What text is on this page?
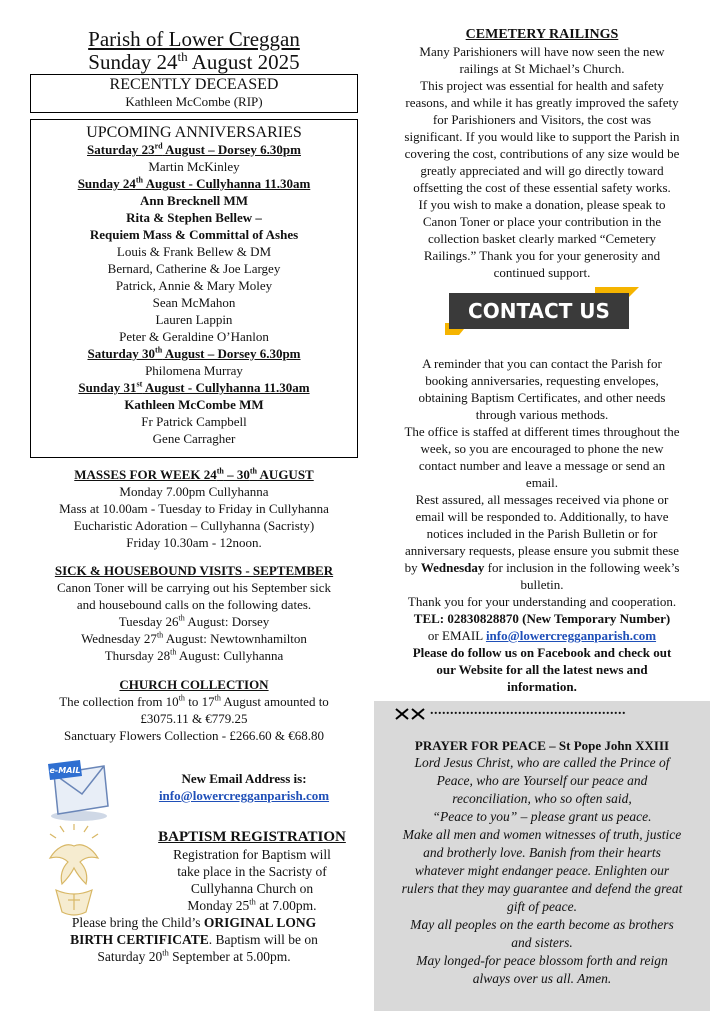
Parish of Lower Creggan
Sunday 24th August 2025
RECENTLY DECEASED
Kathleen McCombe (RIP)
UPCOMING ANNIVERSARIES
Saturday 23rd August – Dorsey 6.30pm
Martin McKinley
Sunday 24th August - Cullyhanna 11.30am
Ann Brecknell MM
Rita & Stephen Bellew –
Requiem Mass & Committal of Ashes
Louis & Frank Bellew & DM
Bernard, Catherine & Joe Largey
Patrick, Annie & Mary Moley
Sean McMahon
Lauren Lappin
Peter & Geraldine O’Hanlon
Saturday 30th August – Dorsey 6.30pm
Philomena Murray
Sunday 31st August - Cullyhanna 11.30am
Kathleen McCombe MM
Fr Patrick Campbell
Gene Carragher
MASSES FOR WEEK 24th – 30th AUGUST
Monday 7.00pm Cullyhanna
Mass at 10.00am - Tuesday to Friday in Cullyhanna
Eucharistic Adoration – Cullyhanna (Sacristy)
Friday 10.30am - 12noon.
SICK & HOUSEBOUND VISITS - SEPTEMBER
Canon Toner will be carrying out his September sick
and housebound calls on the following dates.
Tuesday 26th August: Dorsey
Wednesday 27th August: Newtownhamilton
Thursday 28th August: Cullyhanna
CHURCH COLLECTION
The collection from 10th to 17th August amounted to
£3075.11 & €779.25
Sanctuary Flowers Collection - £266.60 & €68.80
e-MAIL
New Email Address is:
info@lowercregganparish.com
BAPTISM REGISTRATION
Registration for Baptism will
take place in the Sacristy of
Cullyhanna Church on
Monday 25th at 7.00pm.
Please bring the Child’s ORIGINAL LONG
BIRTH CERTIFICATE. Baptism will be on
Saturday 20th September at 5.00pm.
CEMETERY RAILINGS
Many Parishioners will have now seen the new
railings at St Michael’s Church.
This project was essential for health and safety
reasons, and while it has greatly improved the safety
for Parishioners and Visitors, the cost was
significant. If you would like to support the Parish in
covering the cost, contributions of any size would be
greatly appreciated and will go directly toward
offsetting the cost of these essential safety works.
If you wish to make a donation, please speak to
Canon Toner or place your contribution in the
collection basket clearly marked “Cemetery
Railings.” Thank you for your generosity and
continued support.
CONTACT US
A reminder that you can contact the Parish for
booking anniversaries, requesting envelopes,
obtaining Baptism Certificates, and other needs
through various methods.
The office is staffed at different times throughout the
week, so you are encouraged to phone the new
contact number and leave a message or send an
email.
Rest assured, all messages received via phone or
email will be responded to. Additionally, to have
notices included in the Parish Bulletin or for
anniversary requests, please ensure you submit these
by Wednesday for inclusion in the following week’s
bulletin.
Thank you for your understanding and cooperation.
TEL: 02830828870 (New Temporary Number)
or EMAIL info@lowercregganparish.com
Please do follow us on Facebook and check out
our Website for all the latest news and
information.
.................................................
PRAYER FOR PEACE – St Pope John XXIII
Lord Jesus Christ, who are called the Prince of
Peace, who are Yourself our peace and
reconciliation, who so often said,
“Peace to you” – please grant us peace.
Make all men and women witnesses of truth, justice
and brotherly love. Banish from their hearts
whatever might endanger peace. Enlighten our
rulers that they may guarantee and defend the great
gift of peace.
May all peoples on the earth become as brothers
and sisters.
May longed-for peace blossom forth and reign
always over us all. Amen.
